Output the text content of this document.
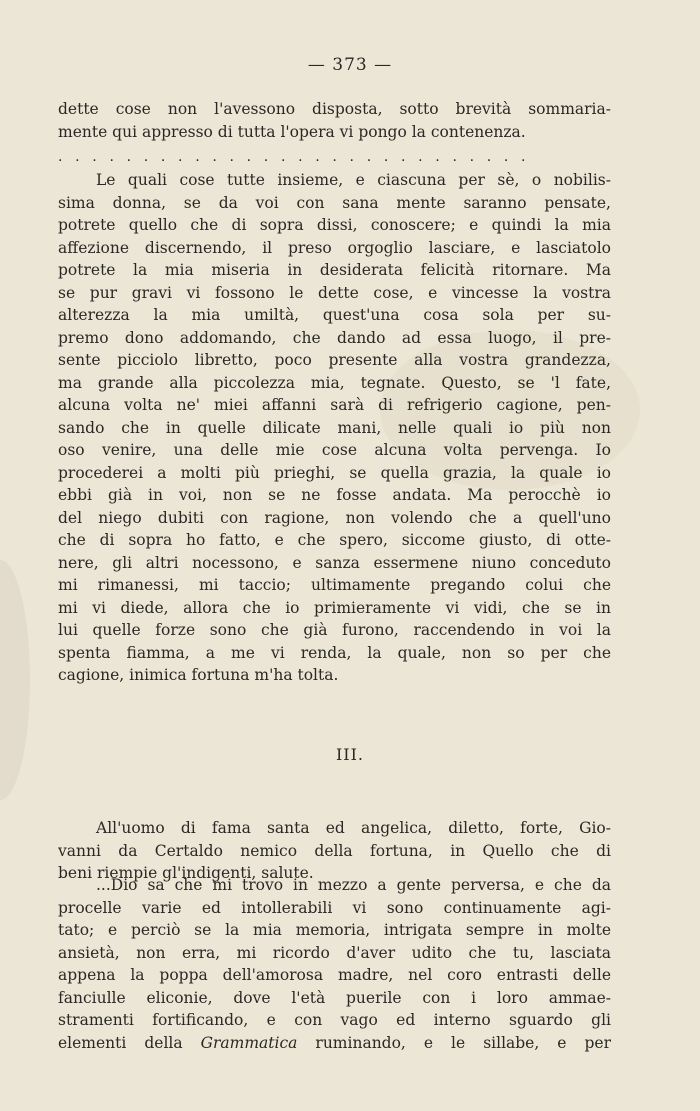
— 373 —
dette cose non l'avessono disposta, sotto brevità sommaria-
mente qui appresso di tutta l'opera vi pongo la contenenza.
............................
Le quali cose tutte insieme, e ciascuna per sè, o nobilis-
sima donna, se da voi con sana mente saranno pensate,
potrete quello che di sopra dissi, conoscere; e quindi la mia
affezione discernendo, il preso orgoglio lasciare, e lasciatolo
potrete la mia miseria in desiderata felicità ritornare. Ma
se pur gravi vi fossono le dette cose, e vincesse la vostra
alterezza la mia umiltà, quest'una cosa sola per su-
premo dono addomando, che dando ad essa luogo, il pre-
sente picciolo libretto, poco presente alla vostra grandezza,
ma grande alla piccolezza mia, tegnate. Questo, se 'l fate,
alcuna volta ne' miei affanni sarà di refrigerio cagione, pen-
sando che in quelle dilicate mani, nelle quali io più non
oso venire, una delle mie cose alcuna volta pervenga. Io
procederei a molti più prieghi, se quella grazia, la quale io
ebbi già in voi, non se ne fosse andata. Ma perocchè io
del niego dubiti con ragione, non volendo che a quell'uno
che di sopra ho fatto, e che spero, siccome giusto, di otte-
nere, gli altri nocessono, e sanza essermene niuno conceduto
mi rimanessi, mi taccio; ultimamente pregando colui che
mi vi diede, allora che io primieramente vi vidi, che se in
lui quelle forze sono che già furono, raccendendo in voi la
spenta fiamma, a me vi renda, la quale, non so per che
cagione, inimica fortuna m'ha tolta.
III.
All'uomo di fama santa ed angelica, diletto, forte, Gio-
vanni da Certaldo nemico della fortuna, in Quello che di
beni riempie gl'indigenti, salute.
...Dio sa che mi trovo in mezzo a gente perversa, e che da
procelle varie ed intollerabili vi sono continuamente agi-
tato; e perciò se la mia memoria, intrigata sempre in molte
ansietà, non erra, mi ricordo d'aver udito che tu, lasciata
appena la poppa dell'amorosa madre, nel coro entrasti delle
fanciulle eliconie, dove l'età puerile con i loro ammae-
stramenti fortificando, e con vago ed interno sguardo gli
elementi della Grammatica ruminando, e le sillabe, e per
